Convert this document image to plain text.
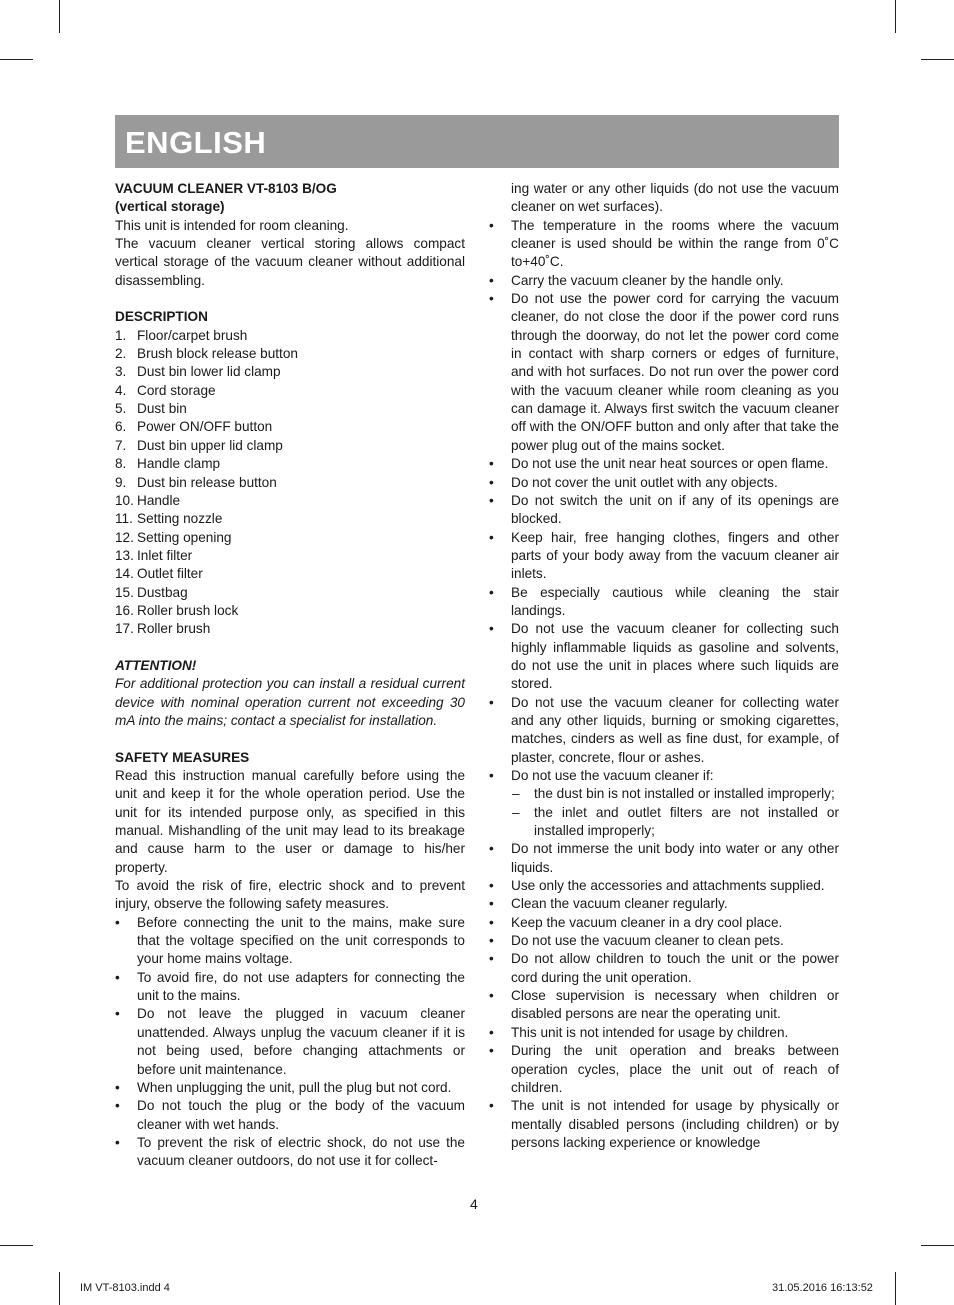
ENGLISH

VACUUM CLEANER VT-8103 B/OG

(vertical storage)

This unit is intended for room cleaning.

The vacuum cleaner vertical storing allows compact vertical storage of the vacuum cleaner without additional disassembling.

DESCRIPTION

1. Floor/carpet brush
2. Brush block release button
3. Dust bin lower lid clamp
4. Cord storage
5. Dust bin
6. Power ON/OFF button
7. Dust bin upper lid clamp
8. Handle clamp
9. Dust bin release button
10. Handle
11. Setting nozzle
12. Setting opening
13. Inlet filter
14. Outlet filter
15. Dustbag
16. Roller brush lock
17. Roller brush

ATTENTION!

For additional protection you can install a residual current device with nominal operation current not exceeding 30 mA into the mains; contact a specialist for installation.

SAFETY MEASURES

Read this instruction manual carefully before using the unit and keep it for the whole operation period. Use the unit for its intended purpose only, as specified in this manual. Mishandling of the unit may lead to its breakage and cause harm to the user or damage to his/her property.

To avoid the risk of fire, electric shock and to prevent injury, observe the following safety measures.

• Before connecting the unit to the mains, make sure that the voltage specified on the unit corresponds to your home mains voltage.
• To avoid fire, do not use adapters for connecting the unit to the mains.
• Do not leave the plugged in vacuum cleaner unattended. Always unplug the vacuum cleaner if it is not being used, before changing attachments or before unit maintenance.
• When unplugging the unit, pull the plug but not cord.
• Do not touch the plug or the body of the vacuum cleaner with wet hands.
• To prevent the risk of electric shock, do not use the vacuum cleaner outdoors, do not use it for collect-

ing water or any other liquids (do not use the vacuum cleaner on wet surfaces).

• The temperature in the rooms where the vacuum cleaner is used should be within the range from 0˚C to+40˚C.
• Carry the vacuum cleaner by the handle only.
• Do not use the power cord for carrying the vacuum cleaner, do not close the door if the power cord runs through the doorway, do not let the power cord come in contact with sharp corners or edges of furniture, and with hot surfaces. Do not run over the power cord with the vacuum cleaner while room cleaning as you can damage it. Always first switch the vacuum cleaner off with the ON/OFF button and only after that take the power plug out of the mains socket.
• Do not use the unit near heat sources or open flame.
• Do not cover the unit outlet with any objects.
• Do not switch the unit on if any of its openings are blocked.
• Keep hair, free hanging clothes, fingers and other parts of your body away from the vacuum cleaner air inlets.
• Be especially cautious while cleaning the stair landings.
• Do not use the vacuum cleaner for collecting such highly inflammable liquids as gasoline and solvents, do not use the unit in places where such liquids are stored.
• Do not use the vacuum cleaner for collecting water and any other liquids, burning or smoking cigarettes, matches, cinders as well as fine dust, for example, of plaster, concrete, flour or ashes.
• Do not use the vacuum cleaner if:
– the dust bin is not installed or installed improperly;
– the inlet and outlet filters are not installed or installed improperly;
• Do not immerse the unit body into water or any other liquids.
• Use only the accessories and attachments supplied.
• Clean the vacuum cleaner regularly.
• Keep the vacuum cleaner in a dry cool place.
• Do not use the vacuum cleaner to clean pets.
• Do not allow children to touch the unit or the power cord during the unit operation.
• Close supervision is necessary when children or disabled persons are near the operating unit.
• This unit is not intended for usage by children.
• During the unit operation and breaks between operation cycles, place the unit out of reach of children.
• The unit is not intended for usage by physically or mentally disabled persons (including children) or by persons lacking experience or knowledge
4
IM VT-8103.indd 4	31.05.2016 16:13:52
